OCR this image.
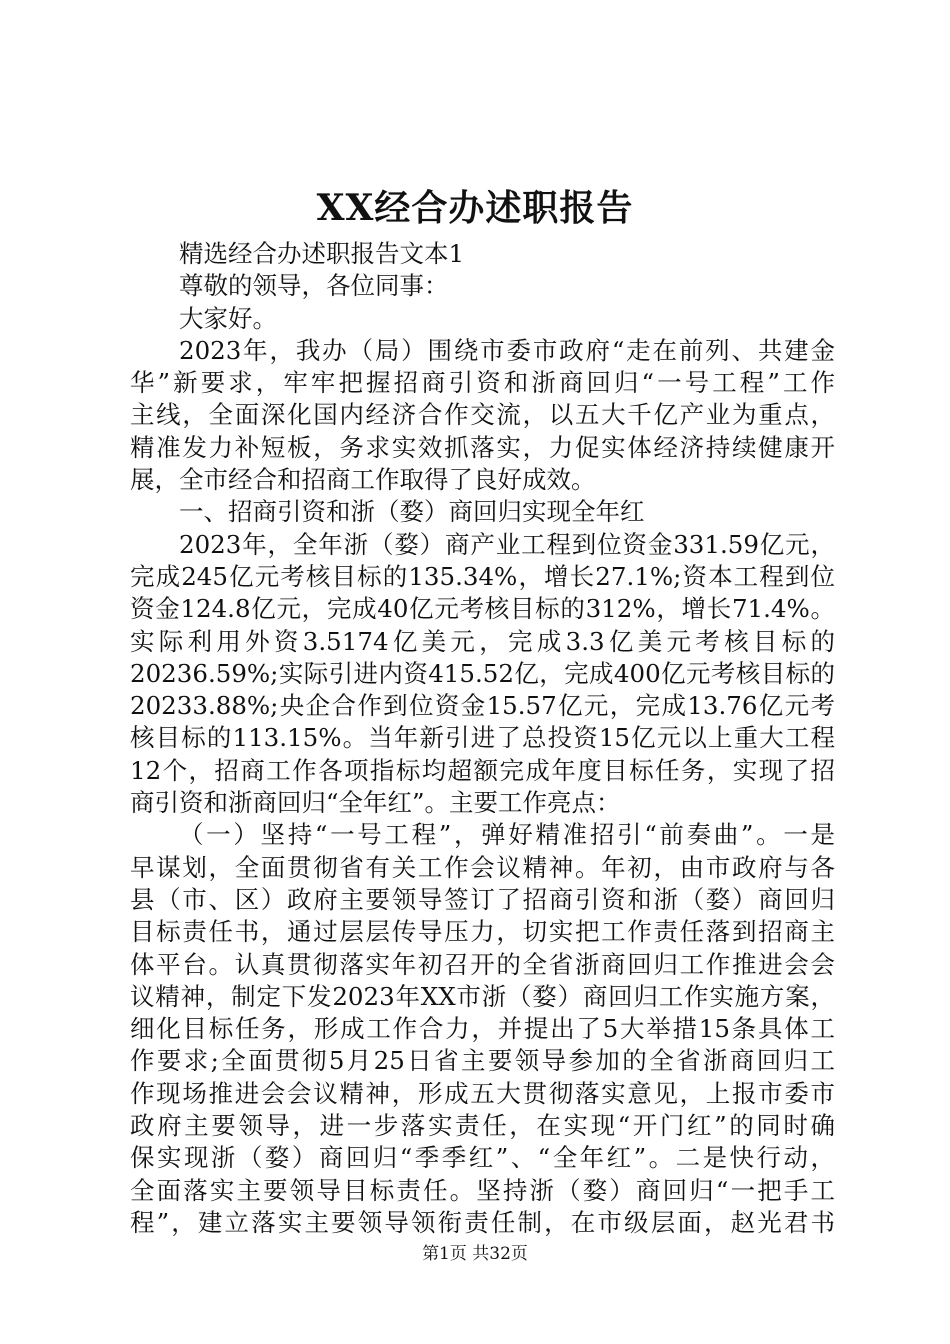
XX经合办述职报告
精选经合办述职报告文本1
尊敬的领导，各位同事：
大家好。
2023年，我办（局）围绕市委市政府“走在前列、共建金
华”新要求，牢牢把握招商引资和浙商回归“一号工程”工作
主线，全面深化国内经济合作交流，以五大千亿产业为重点，
精准发力补短板，务求实效抓落实，力促实体经济持续健康开
展，全市经合和招商工作取得了良好成效。
一、招商引资和浙（婺）商回归实现全年红
2023年，全年浙（婺）商产业工程到位资金331.59亿元，
完成245亿元考核目标的135.34%，增长27.1%;资本工程到位
资金124.8亿元，完成40亿元考核目标的312%，增长71.4%。
实际利用外资3.5174亿美元，完成3.3亿美元考核目标的
20236.59%;实际引进内资415.52亿，完成400亿元考核目标的
20233.88%;央企合作到位资金15.57亿元，完成13.76亿元考
核目标的113.15%。当年新引进了总投资15亿元以上重大工程
12个，招商工作各项指标均超额完成年度目标任务，实现了招
商引资和浙商回归“全年红”。主要工作亮点：
（一）坚持“一号工程”，弹好精准招引“前奏曲”。一是
早谋划，全面贯彻省有关工作会议精神。年初，由市政府与各
县（市、区）政府主要领导签订了招商引资和浙（婺）商回归
目标责任书，通过层层传导压力，切实把工作责任落到招商主
体平台。认真贯彻落实年初召开的全省浙商回归工作推进会会
议精神，制定下发2023年XX市浙（婺）商回归工作实施方案，
细化目标任务，形成工作合力，并提出了5大举措15条具体工
作要求;全面贯彻5月25日省主要领导参加的全省浙商回归工
作现场推进会会议精神，形成五大贯彻落实意见，上报市委市
政府主要领导，进一步落实责任，在实现“开门红”的同时确
保实现浙（婺）商回归“季季红”、“全年红”。二是快行动，
全面落实主要领导目标责任。坚持浙（婺）商回归“一把手工
程”，建立落实主要领导领衔责任制，在市级层面，赵光君书
第1页 共32页
